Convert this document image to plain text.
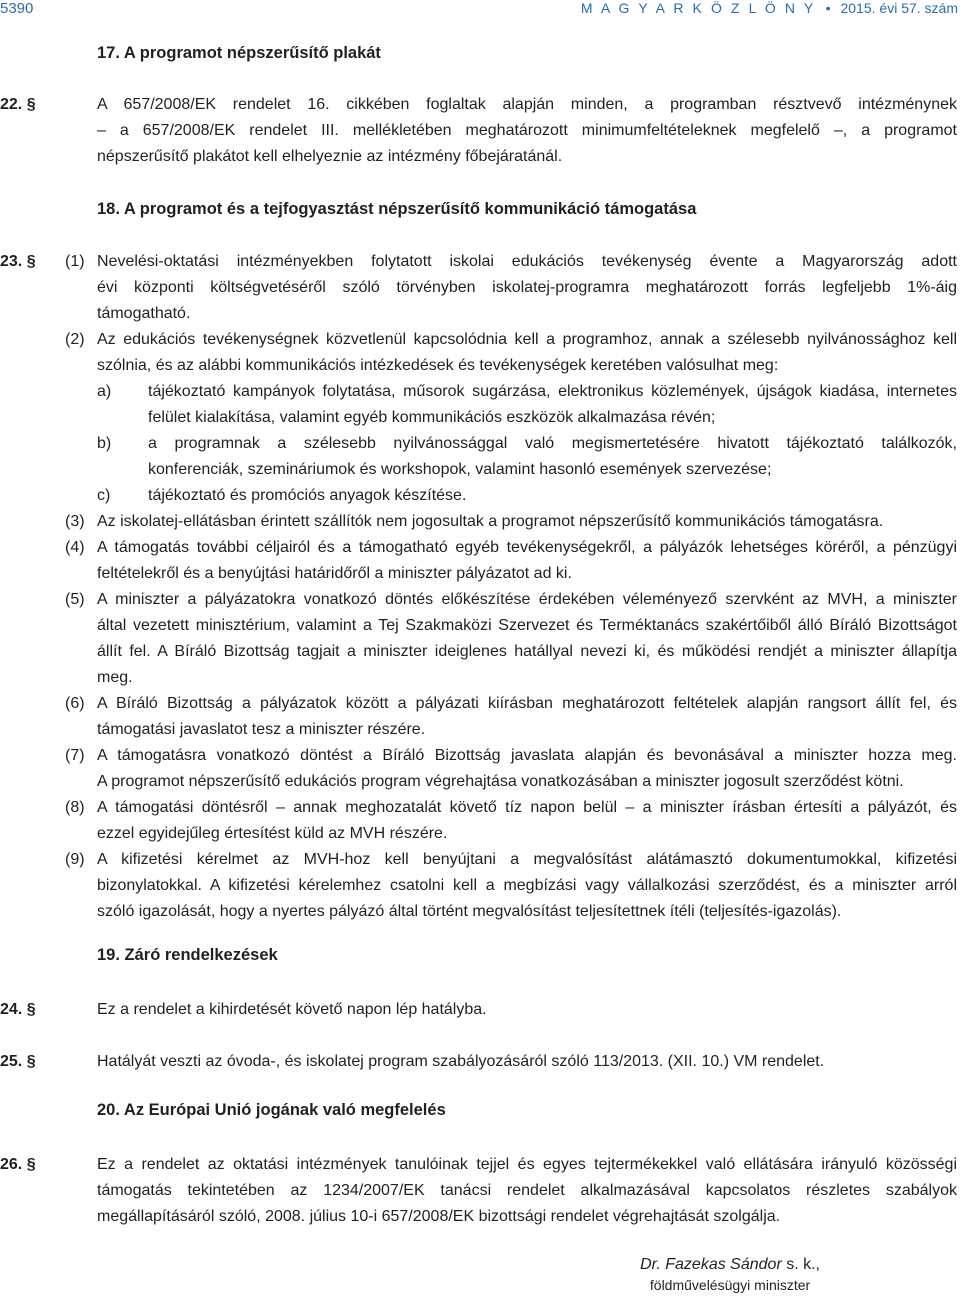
5390	M A G Y A R K Ö Z L Ö N Y • 2015. évi 57. szám
17. A programot népszerűsítő plakát
22. §	A 657/2008/EK rendelet 16. cikkében foglaltak alapján minden, a programban résztvevő intézménynek
– a 657/2008/EK rendelet III. mellékletében meghatározott minimumfeltételeknek megfelelő –, a programot
népszerűsítő plakátot kell elhelyeznie az intézmény főbejáratánál.
18. A programot és a tejfogyasztást népszerűsítő kommunikáció támogatása
23. § (1) Nevelési-oktatási intézményekben folytatott iskolai edukációs tevékenység évente a Magyarország adott
évi központi költségvetéséről szóló törvényben iskolatej-programra meghatározott forrás legfeljebb 1%-áig
támogatható.
(2) Az edukációs tevékenységnek közvetlenül kapcsolódnia kell a programhoz, annak a szélesebb nyilvánossághoz kell
szólnia, és az alábbi kommunikációs intézkedések és tevékenységek keretében valósulhat meg:
a) tájékoztató kampányok folytatása, műsorok sugárzása, elektronikus közlemények, újságok kiadása, internetes
felület kialakítása, valamint egyéb kommunikációs eszközök alkalmazása révén;
b) a programnak a szélesebb nyilvánossággal való megismertetésére hivatott tájékoztató találkozók,
konferenciák, szemináriumok és workshopok, valamint hasonló események szervezése;
c) tájékoztató és promóciós anyagok készítése.
(3) Az iskolatej-ellátásban érintett szállítók nem jogosultak a programot népszerűsítő kommunikációs támogatásra.
(4) A támogatás további céljairól és a támogatható egyéb tevékenységekről, a pályázók lehetséges köréről, a pénzügyi
feltételekről és a benyújtási határidőről a miniszter pályázatot ad ki.
(5) A miniszter a pályázatokra vonatkozó döntés előkészítése érdekében véleményező szervként az MVH, a miniszter
által vezetett minisztérium, valamint a Tej Szakmaközi Szervezet és Terméktanács szakértőiből álló Bíráló Bizottságot
állít fel. A Bíráló Bizottság tagjait a miniszter ideiglenes hatállyal nevezi ki, és működési rendjét a miniszter állapítja
meg.
(6) A Bíráló Bizottság a pályázatok között a pályázati kiírásban meghatározott feltételek alapján rangsort állít fel, és
támogatási javaslatot tesz a miniszter részére.
(7) A támogatásra vonatkozó döntést a Bíráló Bizottság javaslata alapján és bevonásával a miniszter hozza meg.
A programot népszerűsítő edukációs program végrehajtása vonatkozásában a miniszter jogosult szerződést kötni.
(8) A támogatási döntésről – annak meghozatalát követő tíz napon belül – a miniszter írásban értesíti a pályázót, és
ezzel egyidejűleg értesítést küld az MVH részére.
(9) A kifizetési kérelmet az MVH-hoz kell benyújtani a megvalósítást alátámasztó dokumentumokkal, kifizetési
bizonylatokkal. A kifizetési kérelemhez csatolni kell a megbízási vagy vállalkozási szerződést, és a miniszter arról
szóló igazolását, hogy a nyertes pályázó által történt megvalósítást teljesítettnek ítéli (teljesítés-igazolás).
19. Záró rendelkezések
24. §	Ez a rendelet a kihirdetését követő napon lép hatályba.
25. §	Hatályát veszti az óvoda-, és iskolatej program szabályozásáról szóló 113/2013. (XII. 10.) VM rendelet.
20. Az Európai Unió jogának való megfelelés
26. §	Ez a rendelet az oktatási intézmények tanulóinak tejjel és egyes tejtermékekkel való ellátására irányuló közösségi
támogatás tekintetében az 1234/2007/EK tanácsi rendelet alkalmazásával kapcsolatos részletes szabályok
megállapításáról szóló, 2008. július 10-i 657/2008/EK bizottsági rendelet végrehajtását szolgálja.
Dr. Fazekas Sándor s. k.,
földművelésügyi miniszter
